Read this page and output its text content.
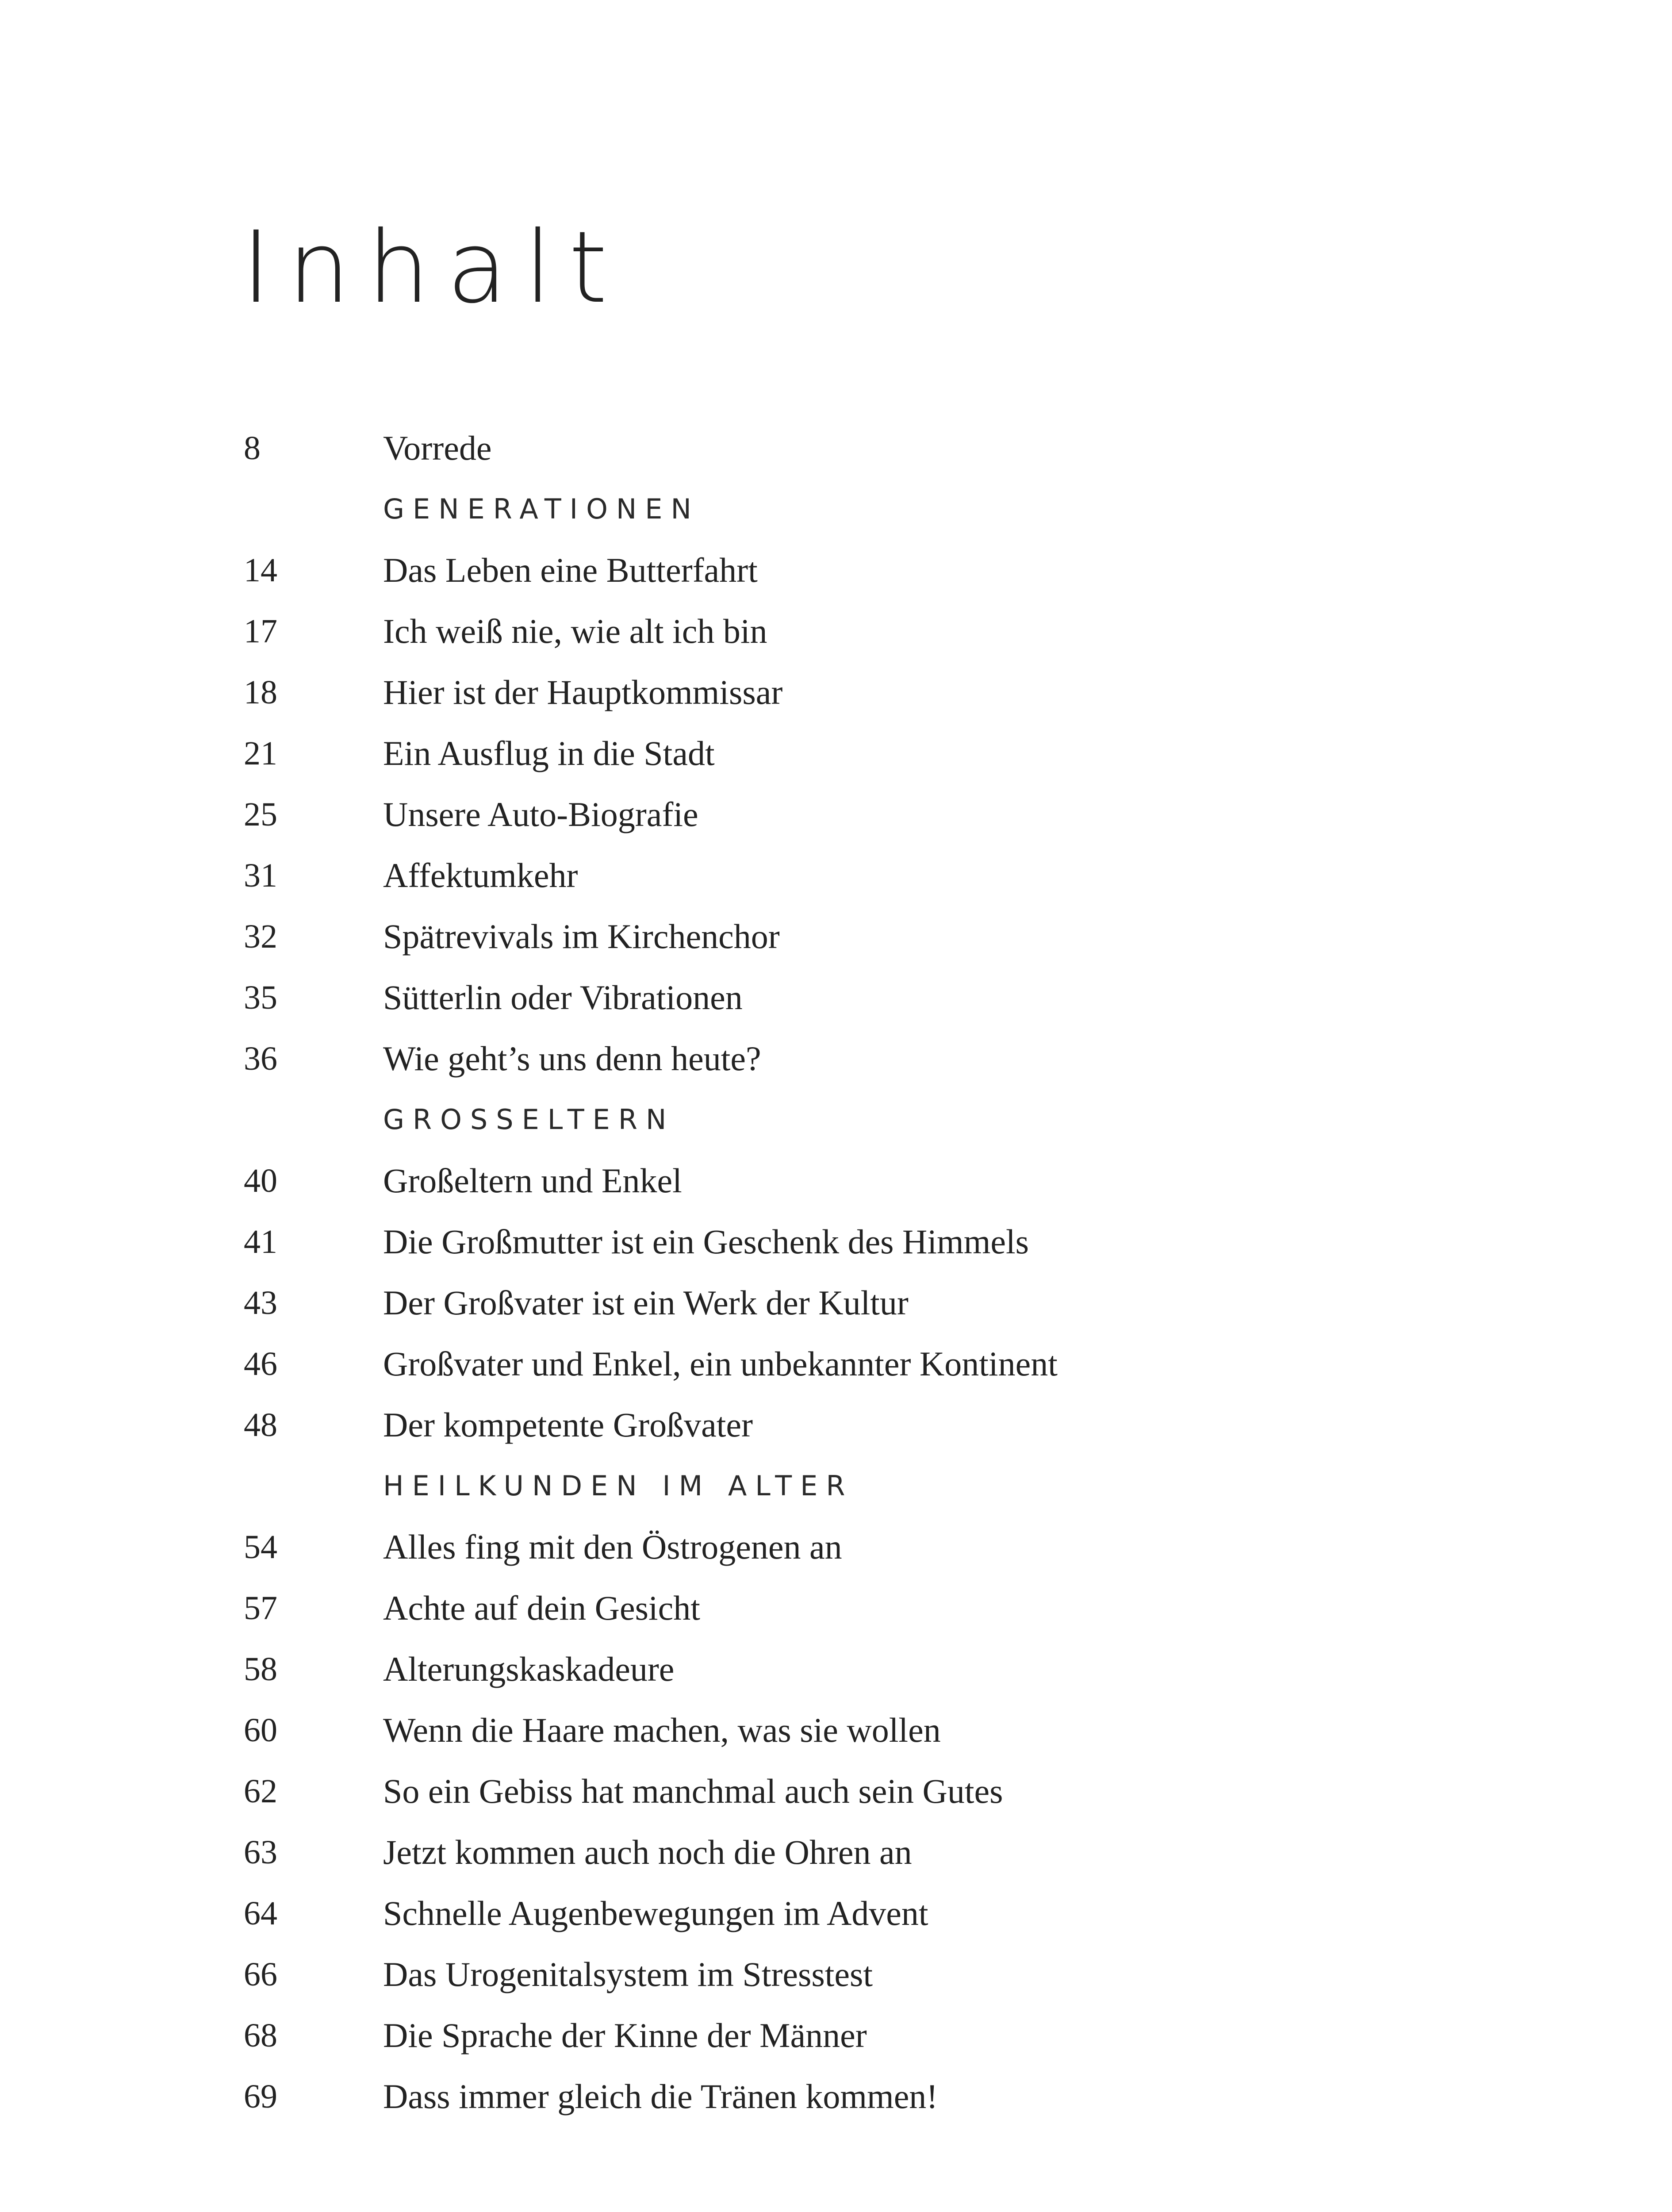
Inhalt
8	Vorrede
GENERATIONEN
14	Das Leben eine Butterfahrt
17	Ich weiß nie, wie alt ich bin
18	Hier ist der Hauptkommissar
21	Ein Ausflug in die Stadt
25	Unsere Auto-Biografie
31	Affektumkehr
32	Spätrevivals im Kirchenchor
35	Sütterlin oder Vibrationen
36	Wie geht’s uns denn heute?
GROSSELTERN
40	Großeltern und Enkel
41	Die Großmutter ist ein Geschenk des Himmels
43	Der Großvater ist ein Werk der Kultur
46	Großvater und Enkel, ein unbekannter Kontinent
48	Der kompetente Großvater
HEILKUNDEN IM ALTER
54	Alles fing mit den Östrogenen an
57	Achte auf dein Gesicht
58	Alterungskaskadeure
60	Wenn die Haare machen, was sie wollen
62	So ein Gebiss hat manchmal auch sein Gutes
63	Jetzt kommen auch noch die Ohren an
64	Schnelle Augenbewegungen im Advent
66	Das Urogenitalsystem im Stresstest
68	Die Sprache der Kinne der Männer
69	Dass immer gleich die Tränen kommen!
